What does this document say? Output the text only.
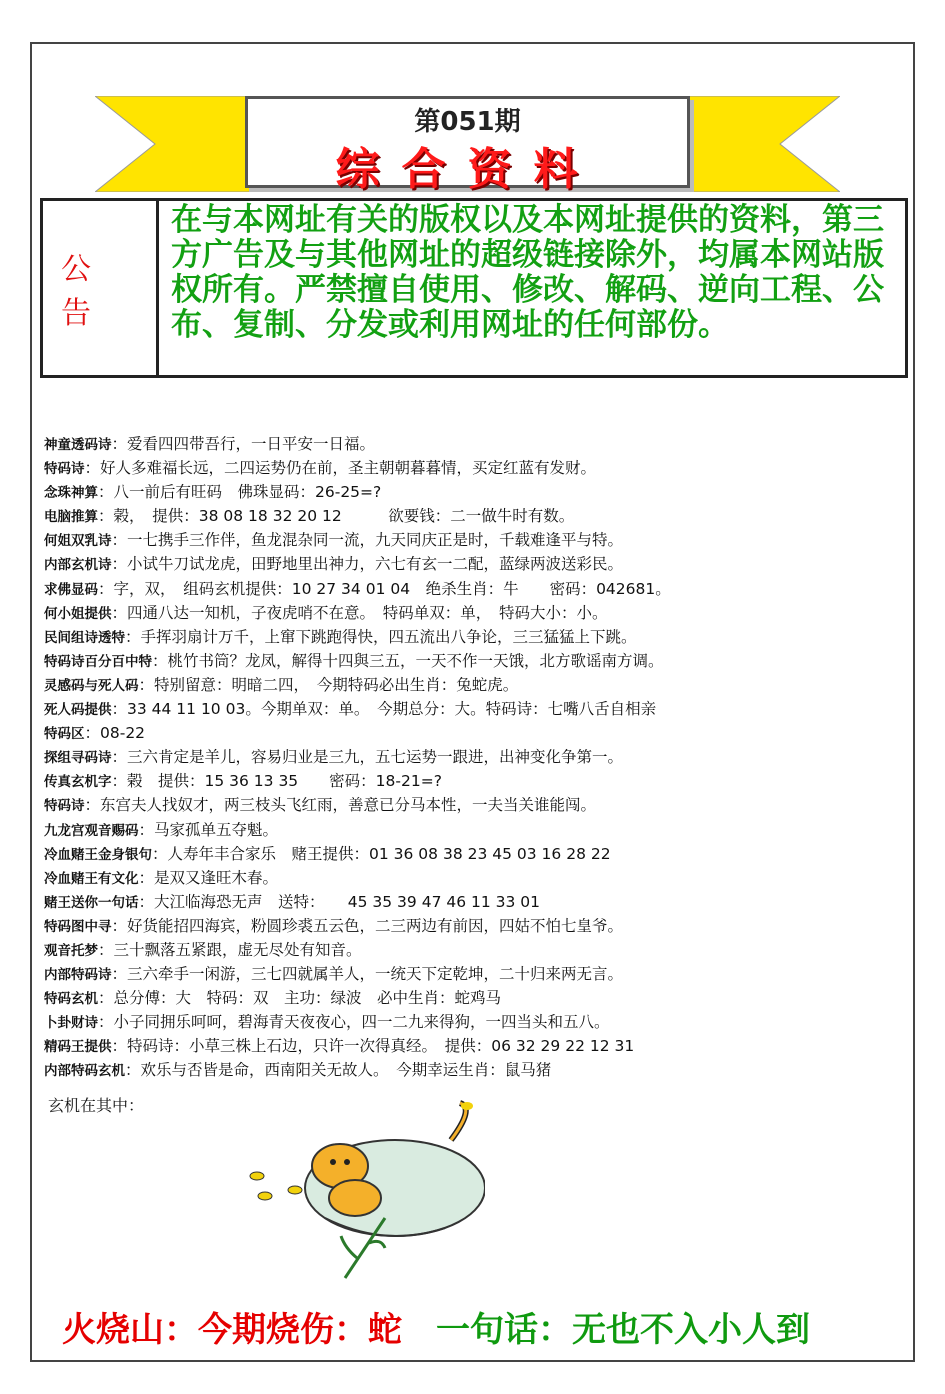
第051期
综合资料
公告
在与本网址有关的版权以及本网址提供的资料，第三方广告及与其他网址的超级链接除外，均属本网站版权所有。严禁擅自使用、修改、解码、逆向工程、公布、复制、分发或利用网址的任何部份。
神童透码诗：爱看四四带吾行，一日平安一日福。
特码诗：好人多难福长远，二四运势仍在前，圣主朝朝暮暮情，买定红蓝有发财。
念珠神算：八一前后有旺码　佛珠显码：26-25=?
电脑推算：榖，　提供：38 08 18 32 20 12　　　欲要钱：二一做牛时有数。
何姐双乳诗：一七携手三作伴，鱼龙混杂同一流，九天同庆正是时，千载难逢平与特。
内部玄机诗：小试牛刀试龙虎，田野地里出神力，六七有玄一二配，蓝绿两波送彩民。
求佛显码：字，双，　组码玄机提供：10 27 34 01 04　绝杀生肖：牛　　密码：042681。
何小姐提供：四通八达一知机，子夜虎哨不在意。　特码单双：单，　特码大小：小。
民间组诗透特：手挥羽扇计万千，上窜下跳跑得快，四五流出八争论，三三猛猛上下跳。
特码诗百分百中特：桃竹书筒？龙凤，解得十四與三五，一天不作一天饿，北方歌谣南方调。
灵感码与死人码：特别留意：明暗二四，　今期特码必出生肖：兔蛇虎。
死人码提供：33 44 11 10 03。今期单双：单。　今期总分：大。特码诗：七嘴八舌自相亲
特码区：08-22
探组寻码诗：三六肯定是羊儿，容易归业是三九，五七运势一跟进，出神变化争第一。
传真玄机字：榖　提供：15 36 13 35　　密码：18-21=?
特码诗：东宫夫人找奴才，两三枝头飞红雨，善意已分马本性，一夫当关谁能闯。
九龙宫观音赐码：马家孤单五夺魁。
冷血赌王金身银句：人寿年丰合家乐　赌王提供：01 36 08 38 23 45 03 16 28 22
冷血赌王有文化：是双又逢旺木春。
赌王送你一句话：大江临海恐无声　送特：　　45 35 39 47 46 11 33 01
特码图中寻：好货能招四海宾，粉圆珍裘五云色，二三两边有前因，四姑不怕七皇爷。
观音托梦：三十飘落五紧跟，虚无尽处有知音。
内部特码诗：三六牵手一闲游，三七四就属羊人，一统天下定乾坤，二十归来两无言。
特码玄机：总分傅：大　特码：双　主功：绿波　必中生肖：蛇鸡马
卜卦财诗：小子同拥乐呵呵，碧海青天夜夜心，四一二九来得狗，一四当头和五八。
精码王提供：特码诗：小草三株上石边，只许一次得真经。　提供：06 32 29 22 12 31
内部特码玄机：欢乐与否皆是命，西南阳关无故人。　今期幸运生肖：鼠马猪
玄机在其中：
火烧山：今期烧伤：蛇　一句话：无也不入小人到
